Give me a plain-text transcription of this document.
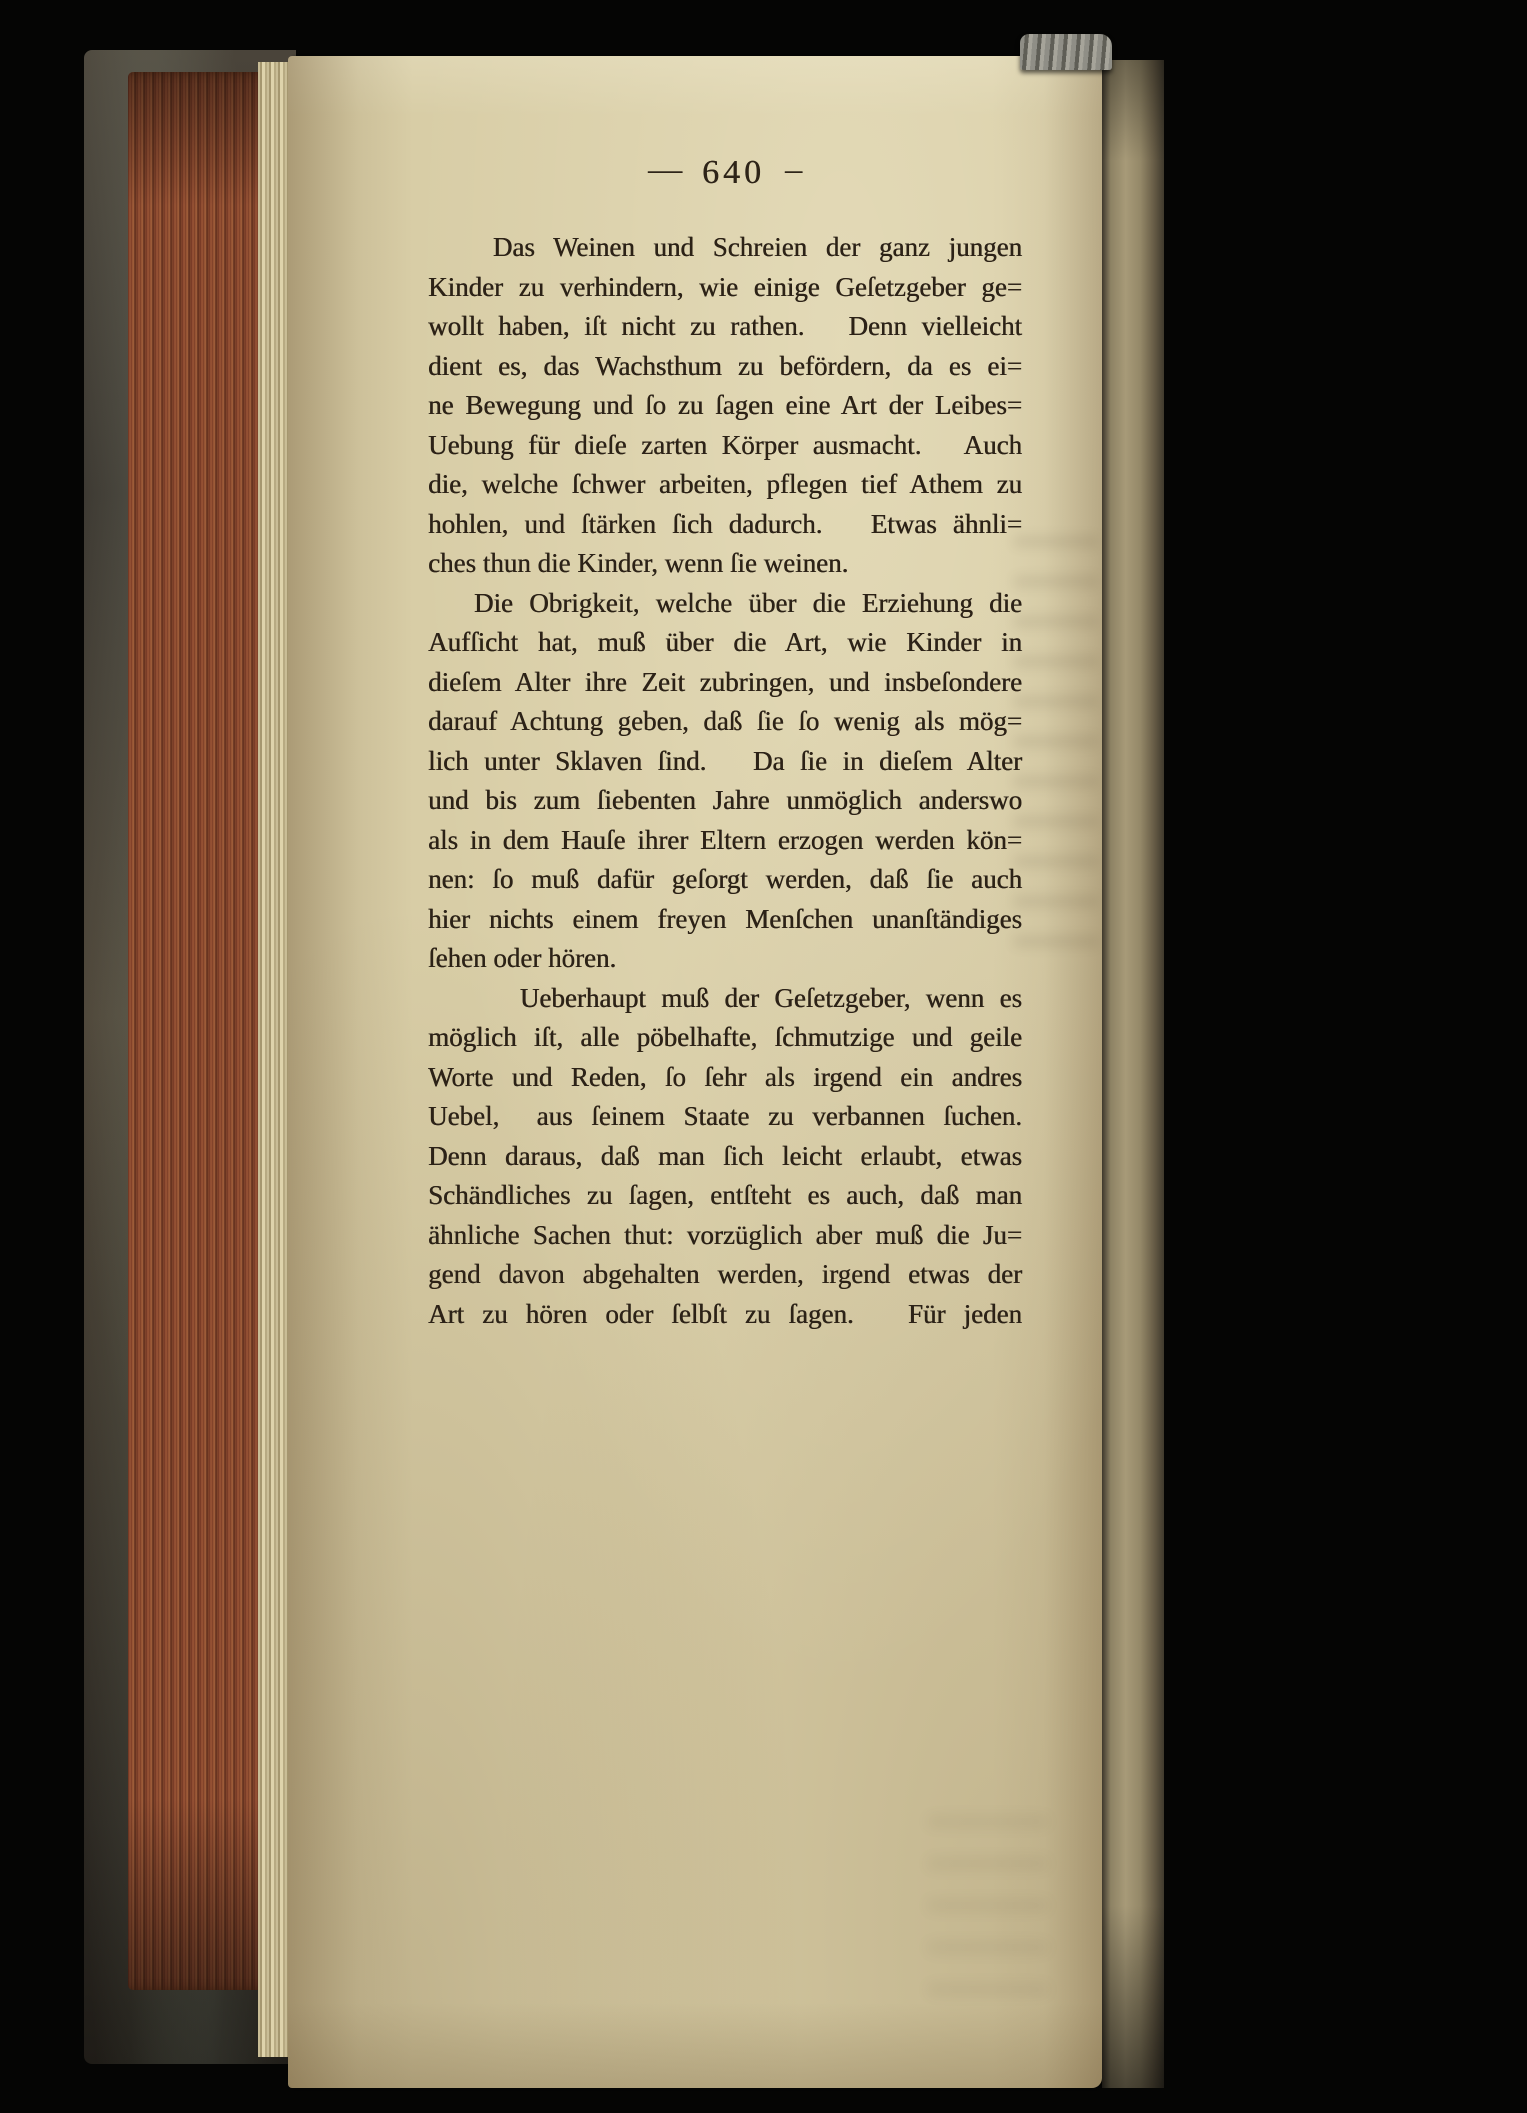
— 640 –
Das Weinen und Schreien der ganz jungen
Kinder zu verhindern, wie einige Geſetzgeber ge=
wollt haben, iſt nicht zu rathen.   Denn vielleicht
dient es, das Wachsthum zu befördern, da es ei=
ne Bewegung und ſo zu ſagen eine Art der Leibes=
Uebung für dieſe zarten Körper ausmacht.   Auch
die, welche ſchwer arbeiten, pflegen tief Athem zu
hohlen, und ſtärken ſich dadurch.   Etwas ähnli=
ches thun die Kinder, wenn ſie weinen.
Die Obrigkeit, welche über die Erziehung die
Aufſicht hat, muß über die Art, wie Kinder in
dieſem Alter ihre Zeit zubringen, und insbeſondere
darauf Achtung geben, daß ſie ſo wenig als mög=
lich unter Sklaven ſind.   Da ſie in dieſem Alter
und bis zum ſiebenten Jahre unmöglich anderswo
als in dem Hauſe ihrer Eltern erzogen werden kön=
nen: ſo muß dafür geſorgt werden, daß ſie auch
hier nichts einem freyen Menſchen unanſtändiges
ſehen oder hören.
Ueberhaupt muß der Geſetzgeber, wenn es
möglich iſt, alle pöbelhafte, ſchmutzige und geile
Worte und Reden, ſo ſehr als irgend ein andres
Uebel,  aus ſeinem Staate zu verbannen ſuchen.
Denn daraus, daß man ſich leicht erlaubt, etwas
Schändliches zu ſagen, entſteht es auch, daß man
ähnliche Sachen thut: vorzüglich aber muß die Ju=
gend davon abgehalten werden, irgend etwas der
Art zu hören oder ſelbſt zu ſagen.   Für jeden
